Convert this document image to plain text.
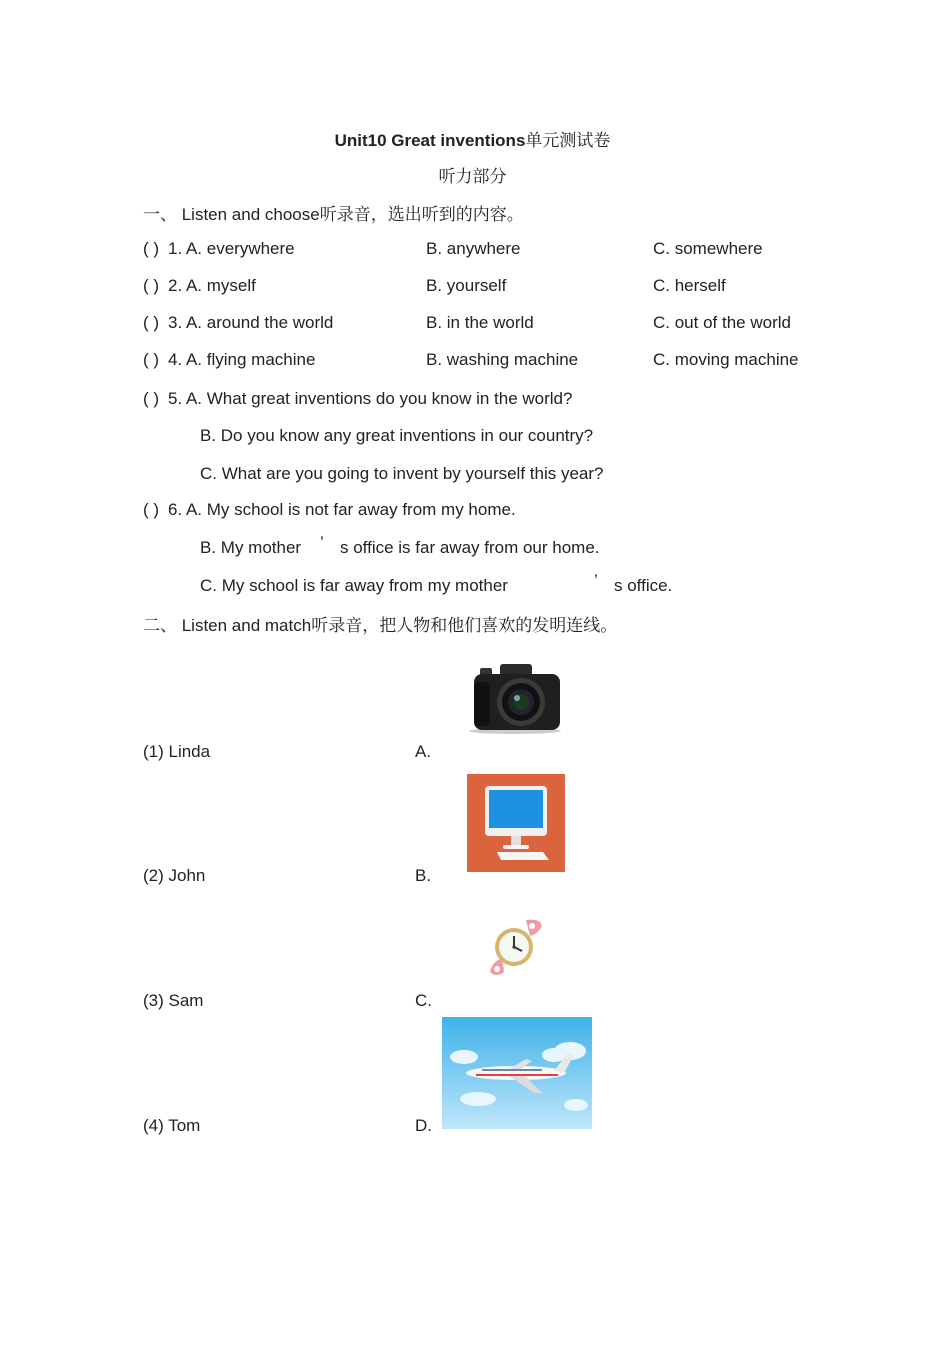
Unit10 Great inventions单元测试卷
听力部分
一、 Listen and choose听录音，选出听到的内容。
( ) 1. A. everywhere	B. anywhere	C. somewhere
( ) 2. A. myself	B. yourself	C. herself
( ) 3. A. around the world	B. in the world	C. out of the world
( ) 4. A. flying machine	B. washing machine	C. moving machine
( ) 5. A. What great inventions do you know in the world?
B. Do you know any great inventions in our country?
C. What are you going to invent by yourself this year?
( ) 6. A. My school is not far away from my home.
B. My mother ’ s office is far away from our home.
C. My school is far away from my mother	’ s office.
二、 Listen and match听录音，把人物和他们喜欢的发明连线。
(1) Linda	A.
(2) John	B.
(3) Sam	C.
(4) Tom	D.
